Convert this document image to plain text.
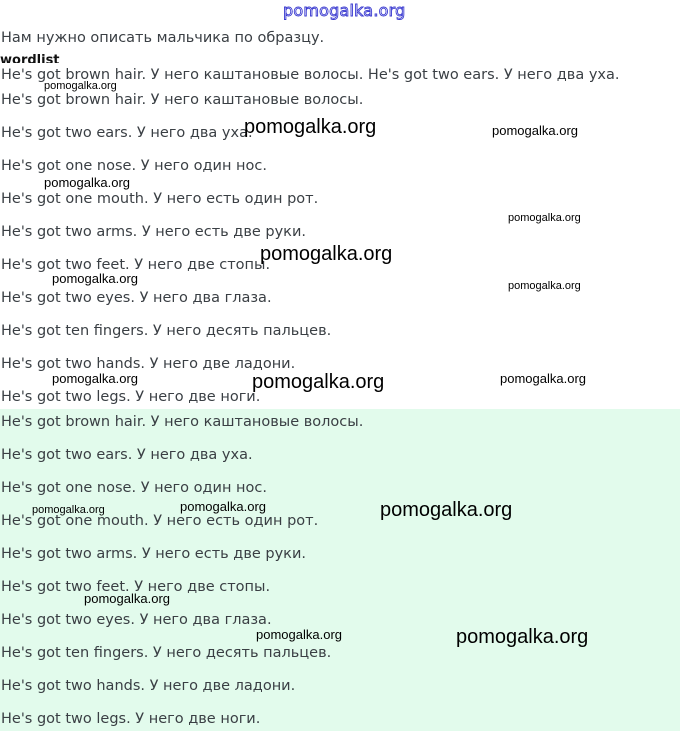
pomogalka.org
Нам нужно описать мальчика по образцу.
wordlist
He's got brown hair. У него каштановые волосы. He's got two ears. У него два уха.
He's got brown hair. У него каштановые волосы.
He's got two ears. У него два уха.
He's got one nose. У него один нос.
He's got one mouth. У него есть один рот.
He's got two arms. У него есть две руки.
He's got two feet. У него две стопы.
He's got two eyes. У него два глаза.
He's got ten fingers. У него десять пальцев.
He's got two hands. У него две ладони.
He's got two legs. У него две ноги.
He's got brown hair. У него каштановые волосы.
He's got two ears. У него два уха.
He's got one nose. У него один нос.
He's got one mouth. У него есть один рот.
He's got two arms. У него есть две руки.
He's got two feet. У него две стопы.
He's got two eyes. У него два глаза.
He's got ten fingers. У него десять пальцев.
He's got two hands. У него две ладони.
He's got two legs. У него две ноги.
pomogalka.org
pomogalka.org	pomogalka.org
pomogalka.org
pomogalka.org
pomogalka.org
pomogalka.org	pomogalka.org
pomogalka.org	pomogalka.org	pomogalka.org
pomogalka.org	pomogalka.org	pomogalka.org
pomogalka.org
pomogalka.org	pomogalka.org
